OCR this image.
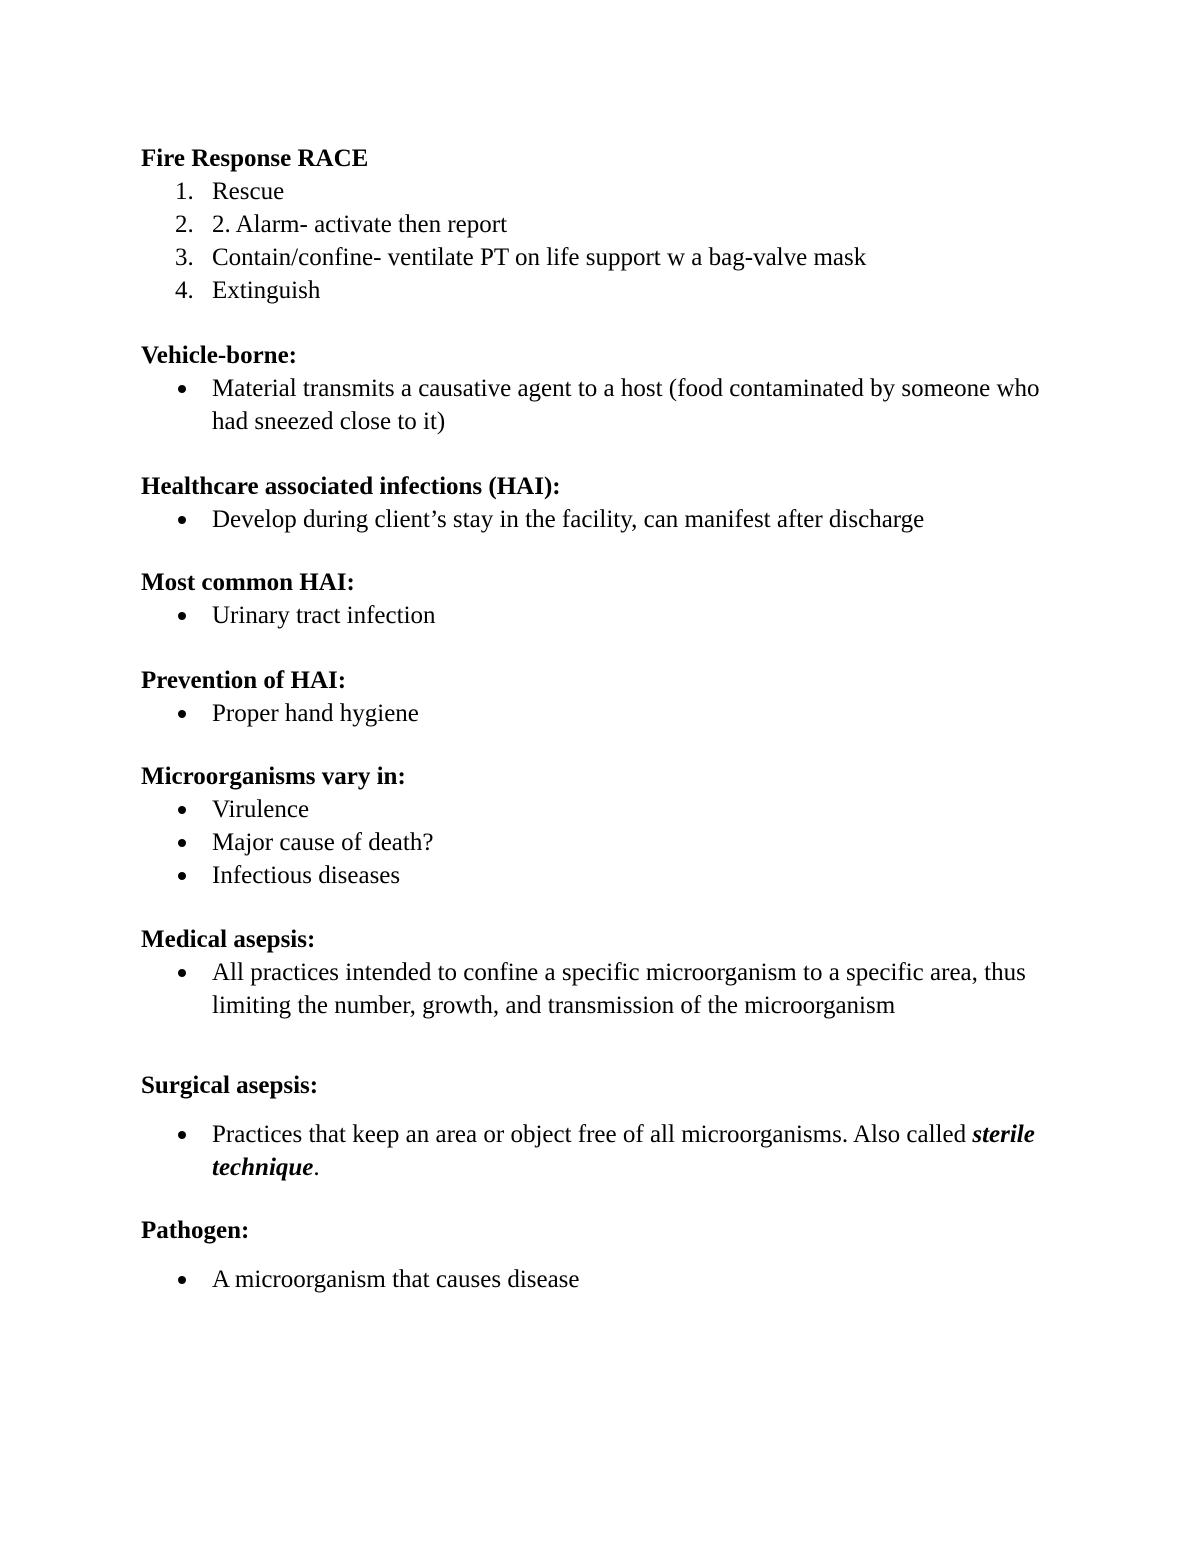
Fire Response RACE

1. Rescue
2. 2. Alarm- activate then report
3. Contain/confine- ventilate PT on life support w a bag-valve mask
4. Extinguish

Vehicle-borne:

Material transmits a causative agent to a host (food contaminated by someone who had sneezed close to it)

Healthcare associated infections (HAI):

Develop during client’s stay in the facility, can manifest after discharge

Most common HAI:

Urinary tract infection

Prevention of HAI:

Proper hand hygiene

Microorganisms vary in:

Virulence
Major cause of death?
Infectious diseases

Medical asepsis:

All practices intended to confine a specific microorganism to a specific area, thus limiting the number, growth, and transmission of the microorganism

Surgical asepsis:

Practices that keep an area or object free of all microorganisms. Also called sterile technique.

Pathogen:

A microorganism that causes disease
